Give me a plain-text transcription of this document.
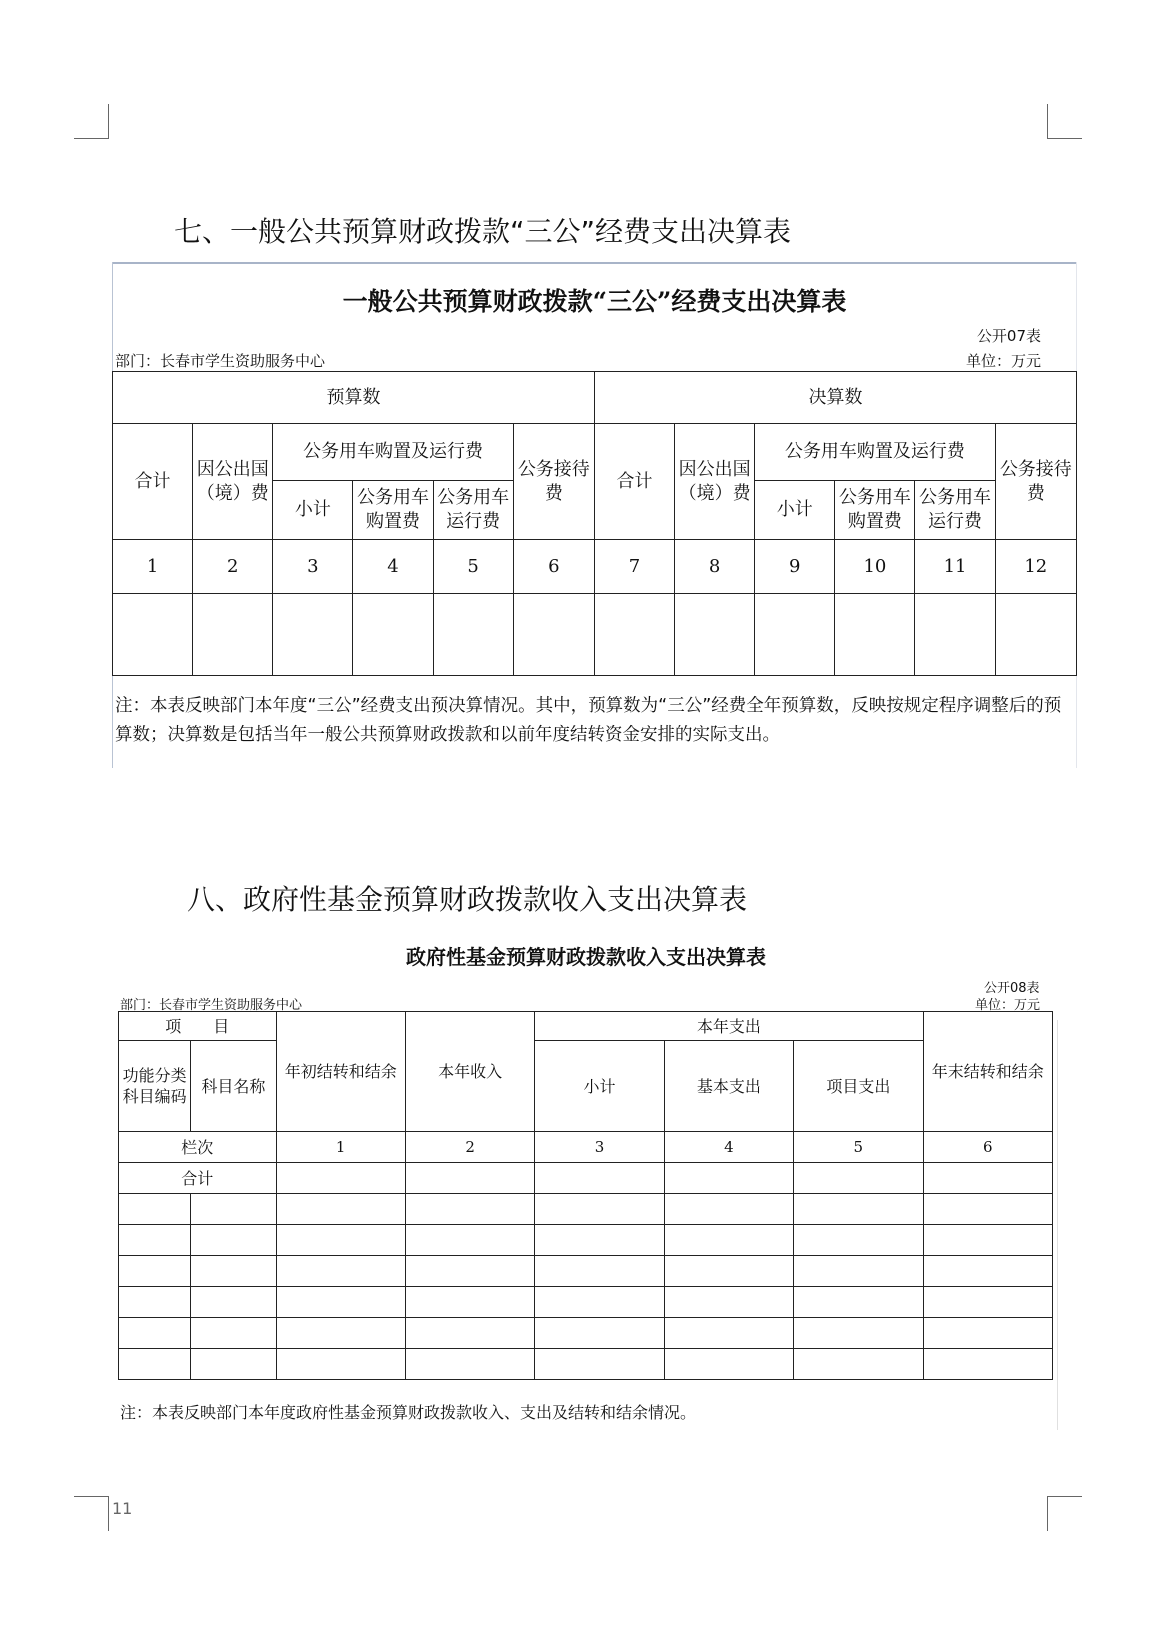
11
七、一般公共预算财政拨款“三公”经费支出决算表
一般公共预算财政拨款“三公”经费支出决算表
公开07表
部门：长春市学生资助服务中心	单位：万元
预算数						决算数					
合计	因公出国（境）费	公务用车购置及运行费			公务接待费	合计	因公出国（境）费	公务用车购置及运行费			公务接待费
		小计	公务用车购置费	公务用车运行费				小计	公务用车购置费	公务用车运行费	
1	2	3	4	5	6	7	8	9	10	11	12

注：本表反映部门本年度“三公”经费支出预决算情况。其中，预算数为“三公”经费全年预算数，反映按规定程序调整后的预算数；决算数是包括当年一般公共预算财政拨款和以前年度结转资金安排的实际支出。
八、政府性基金预算财政拨款收入支出决算表
政府性基金预算财政拨款收入支出决算表
公开08表
部门：长春市学生资助服务中心	单位：万元
项　　目		年初结转和结余	本年收入	本年支出			年末结转和结余
功能分类科目编码	科目名称			小计	基本支出	项目支出	
栏次		1	2	3	4	5	6
合计							

注：本表反映部门本年度政府性基金预算财政拨款收入、支出及结转和结余情况。
